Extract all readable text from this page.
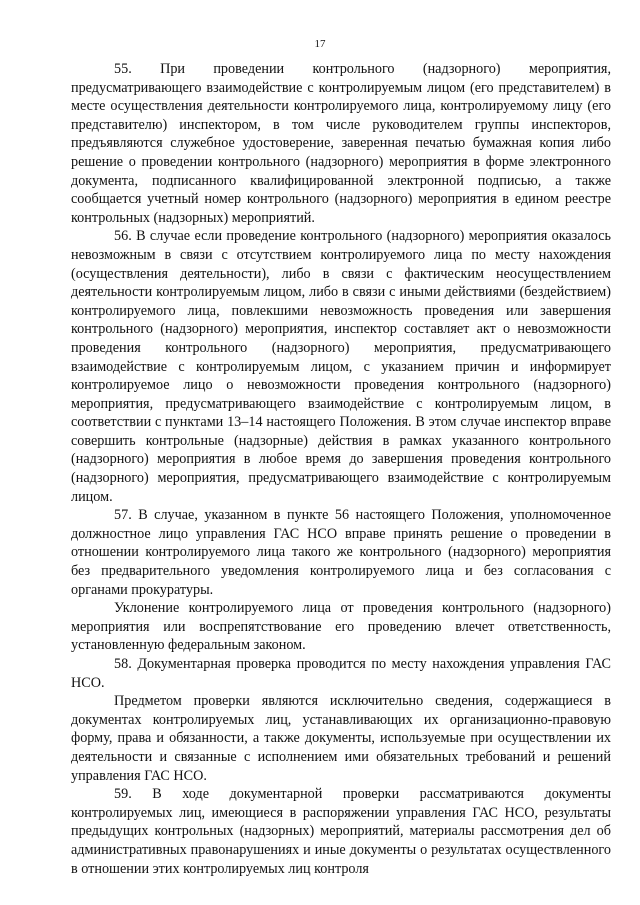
17

55. При проведении контрольного (надзорного) мероприятия, предусматривающего взаимодействие с контролируемым лицом (его представителем) в месте осуществления деятельности контролируемого лица, контролируемому лицу (его представителю) инспектором, в том числе руководителем группы инспекторов, предъявляются служебное удостоверение, заверенная печатью бумажная копия либо решение о проведении контрольного (надзорного) мероприятия в форме электронного документа, подписанного квалифицированной электронной подписью, а также сообщается учетный номер контрольного (надзорного) мероприятия в едином реестре контрольных (надзорных) мероприятий.

56. В случае если проведение контрольного (надзорного) мероприятия оказалось невозможным в связи с отсутствием контролируемого лица по месту нахождения (осуществления деятельности), либо в связи с фактическим неосуществлением деятельности контролируемым лицом, либо в связи с иными действиями (бездействием) контролируемого лица, повлекшими невозможность проведения или завершения контрольного (надзорного) мероприятия, инспектор составляет акт о невозможности проведения контрольного (надзорного) мероприятия, предусматривающего взаимодействие с контролируемым лицом, с указанием причин и информирует контролируемое лицо о невозможности проведения контрольного (надзорного) мероприятия, предусматривающего взаимодействие с контролируемым лицом, в соответствии с пунктами 13–14 настоящего Положения. В этом случае инспектор вправе совершить контрольные (надзорные) действия в рамках указанного контрольного (надзорного) мероприятия в любое время до завершения проведения контрольного (надзорного) мероприятия, предусматривающего взаимодействие с контролируемым лицом.

57. В случае, указанном в пункте 56 настоящего Положения, уполномоченное должностное лицо управления ГАС НСО вправе принять решение о проведении в отношении контролируемого лица такого же контрольного (надзорного) мероприятия без предварительного уведомления контролируемого лица и без согласования с органами прокуратуры.

Уклонение контролируемого лица от проведения контрольного (надзорного) мероприятия или воспрепятствование его проведению влечет ответственность, установленную федеральным законом.

58. Документарная проверка проводится по месту нахождения управления ГАС НСО.

Предметом проверки являются исключительно сведения, содержащиеся в документах контролируемых лиц, устанавливающих их организационно-правовую форму, права и обязанности, а также документы, используемые при осуществлении их деятельности и связанные с исполнением ими обязательных требований и решений управления ГАС НСО.

59. В ходе документарной проверки рассматриваются документы контролируемых лиц, имеющиеся в распоряжении управления ГАС НСО, результаты предыдущих контрольных (надзорных) мероприятий, материалы рассмотрения дел об административных правонарушениях и иные документы о результатах осуществленного в отношении этих контролируемых лиц контроля
